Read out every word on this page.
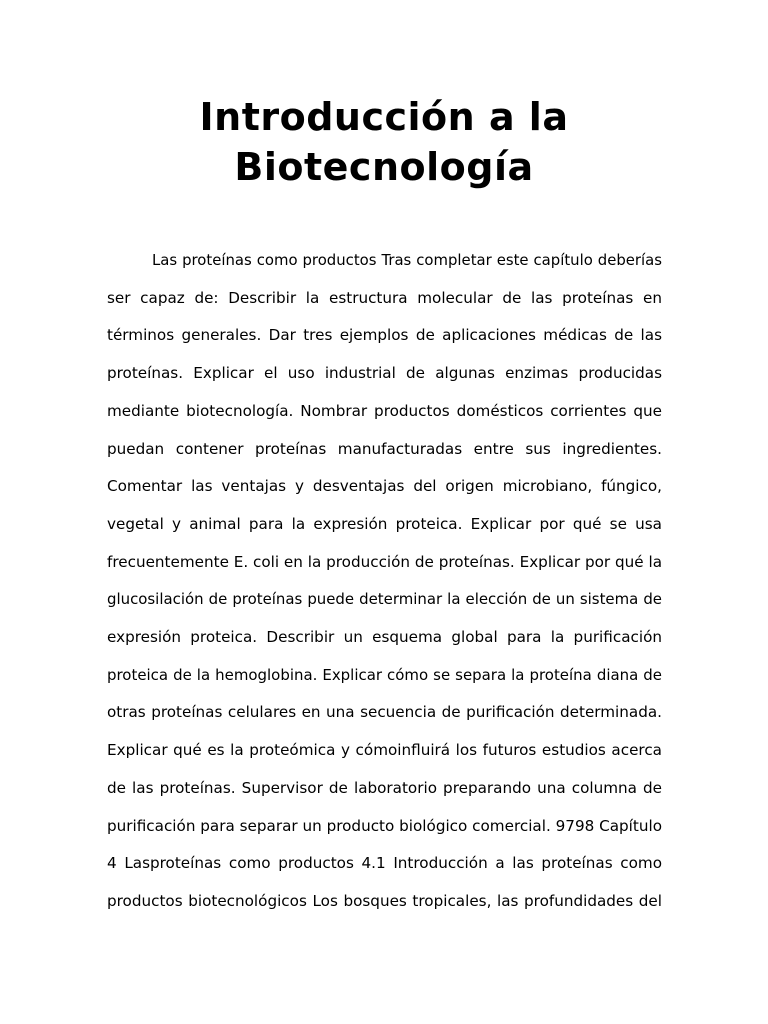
Introducción a la
Biotecnología
Las proteínas como productos Tras completar este capítulo deberías
ser capaz de: Describir la estructura molecular de las proteínas en
términos generales. Dar tres ejemplos de aplicaciones médicas de las
proteínas. Explicar el uso industrial de algunas enzimas producidas
mediante biotecnología. Nombrar productos domésticos corrientes que
puedan contener proteínas manufacturadas entre sus ingredientes.
Comentar las ventajas y desventajas del origen microbiano, fúngico,
vegetal y animal para la expresión proteica. Explicar por qué se usa
frecuentemente E. coli en la producción de proteínas. Explicar por qué la
glucosilación de proteínas puede determinar la elección de un sistema de
expresión proteica. Describir un esquema global para la purificación
proteica de la hemoglobina. Explicar cómo se separa la proteína diana de
otras proteínas celulares en una secuencia de purificación determinada.
Explicar qué es la proteómica y cómoinfluirá los futuros estudios acerca
de las proteínas. Supervisor de laboratorio preparando una columna de
purificación para separar un producto biológico comercial. 9798 Capítulo
4 Lasproteínas como productos 4.1 Introducción a las proteínas como
productos biotecnológicos Los bosques tropicales, las profundidades del
